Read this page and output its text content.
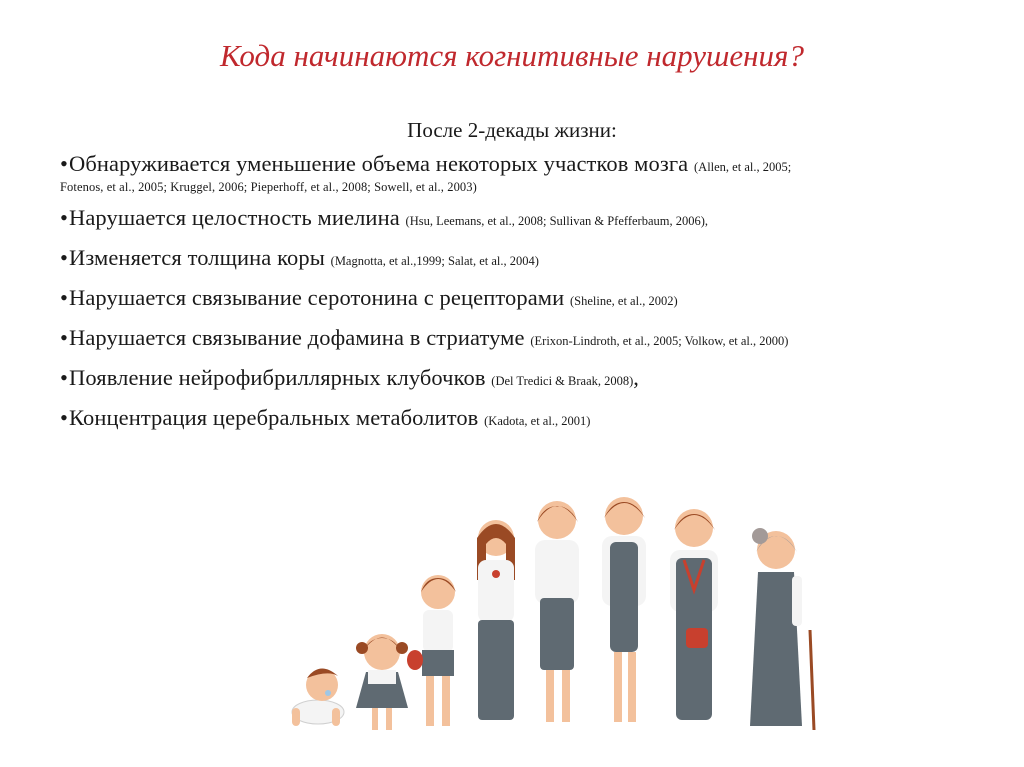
Кода начинаются когнитивные нарушения?
После 2-декады жизни:
•Обнаруживается уменьшение объема некоторых участков мозга (Allen, et al., 2005;
Fotenos, et al., 2005; Kruggel, 2006; Pieperhoff, et al., 2008; Sowell, et al., 2003)
•Нарушается целостность миелина (Hsu, Leemans, et al., 2008; Sullivan & Pfefferbaum, 2006),
•Изменяется толщина коры (Magnotta, et al.,1999; Salat, et al., 2004)
•Нарушается связывание серотонина с рецепторами (Sheline, et al., 2002)
•Нарушается связывание дофамина в стриатуме (Erixon-Lindroth, et al., 2005; Volkow, et al., 2000)
•Появление нейрофибриллярных клубочков (Del Tredici & Braak, 2008),
•Концентрация церебральных метаболитов (Kadota, et al., 2001)
